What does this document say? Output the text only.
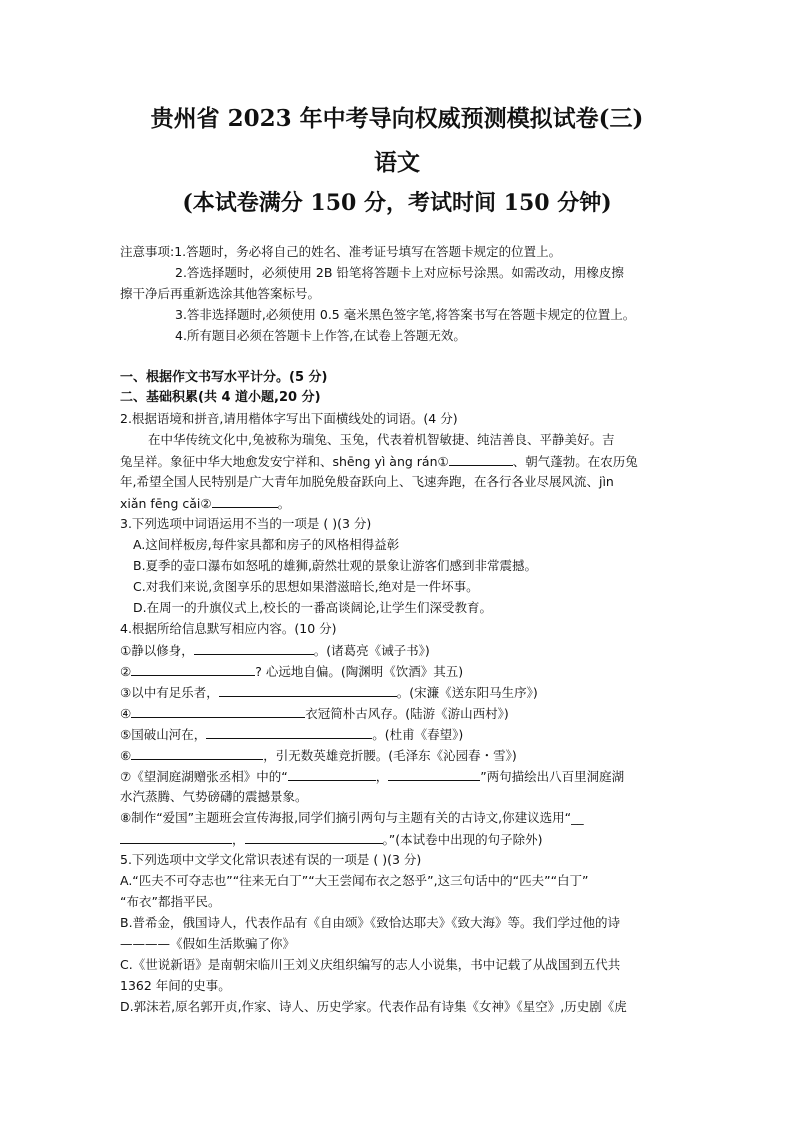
贵州省 2023 年中考导向权威预测模拟试卷(三)
语文
(本试卷满分 150 分，考试时间 150 分钟)
注意事项:1.答题时，务必将自己的姓名、准考证号填写在答题卡规定的位置上。
2.答选择题时，必须使用 2B 铅笔将答题卡上对应标号涂黑。如需改动，用橡皮擦
擦干净后再重新选涂其他答案标号。
3.答非选择题时,必须使用 0.5 毫米黑色签字笔,将答案书写在答题卡规定的位置上。
4.所有题目必须在答题卡上作答,在试卷上答题无效。
一、根据作文书写水平计分。(5 分)
二、基础积累(共 4 道小题,20 分)
2.根据语境和拼音,请用楷体字写出下面横线处的词语。(4 分)
在中华传统文化中,兔被称为瑞兔、玉兔，代表着机智敏捷、纯洁善良、平静美好。吉
兔呈祥。象征中华大地愈发安宁祥和、shēng yì àng rán①	、朝气蓬勃。在农历兔
年,希望全国人民特别是广大青年加脱免般奋跃向上、飞速奔跑，在各行各业尽展风流、jìn
xiǎn fēng cǎi②	。
3.下列选项中词语运用不当的一项是 ( )(3 分)
A.这间样板房,每件家具都和房子的风格相得益彰
B.夏季的壶口瀑布如怒吼的雄狮,蔚然壮观的景象让游客们感到非常震撼。
C.对我们来说,贪图享乐的思想如果潜滋暗长,绝对是一件坏事。
D.在周一的升旗仪式上,校长的一番高谈阔论,让学生们深受教育。
4.根据所给信息默写相应内容。(10 分)
①静以修身，	。(诸葛亮《诫子书》)
②	? 心远地自偏。(陶渊明《饮酒》其五)
③以中有足乐者，	。(宋濂《送东阳马生序》)
④	衣冠简朴古风存。(陆游《游山西村》)
⑤国破山河在，	。(杜甫《春望》)
⑥	，引无数英雄竞折腰。(毛泽东《沁园春・雪》)
⑦《望洞庭湖赠张丞相》中的“	，	”两句描绘出八百里洞庭湖
水汽蒸腾、气势磅礴的震撼景象。
⑧制作“爱国”主题班会宣传海报,同学们摘引两句与主题有关的古诗文,你建议选用“__
，	。”(本试卷中出现的句子除外)
5.下列选项中文学文化常识表述有误的一项是 ( )(3 分)
A.“匹夫不可夺志也”“往来无白丁”“大王尝闻布衣之怒乎”,这三句话中的“匹夫”“白丁”
“布衣”都指平民。
B.普希金，俄国诗人，代表作品有《自由颂》《致恰达耶夫》《致大海》等。我们学过他的诗
————《假如生活欺骗了你》
C.《世说新语》是南朝宋临川王刘义庆组织编写的志人小说集，书中记载了从战国到五代共
1362 年间的史事。
D.郭沫若,原名郭开贞,作家、诗人、历史学家。代表作品有诗集《女神》《星空》,历史剧《虎
